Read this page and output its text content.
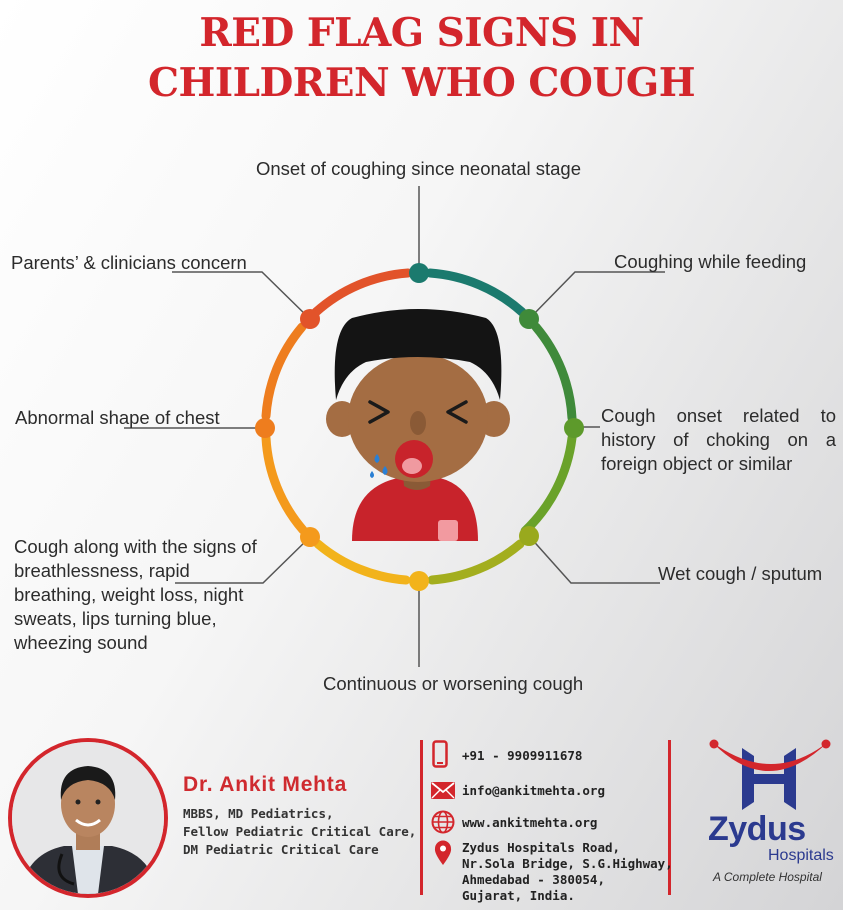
RED FLAG SIGNS IN
CHILDREN WHO COUGH
Onset of coughing since neonatal stage
Coughing while feeding
Cough onset related to history of choking on a foreign object or similar
Wet cough / sputum
Continuous or worsening cough
Cough along with the signs of breathlessness, rapid breathing, weight loss, night sweats, lips turning blue, wheezing sound
Abnormal shape of chest
Parents’ & clinicians concern
Dr. Ankit Mehta
MBBS, MD Pediatrics,
Fellow Pediatric Critical Care,
DM Pediatric Critical Care
+91 - 9909911678
info@ankitmehta.org
www.ankitmehta.org
Zydus Hospitals Road,
Nr.Sola Bridge, S.G.Highway,
Ahmedabad - 380054,
Gujarat, India.
Zydus
Hospitals
A Complete Hospital
